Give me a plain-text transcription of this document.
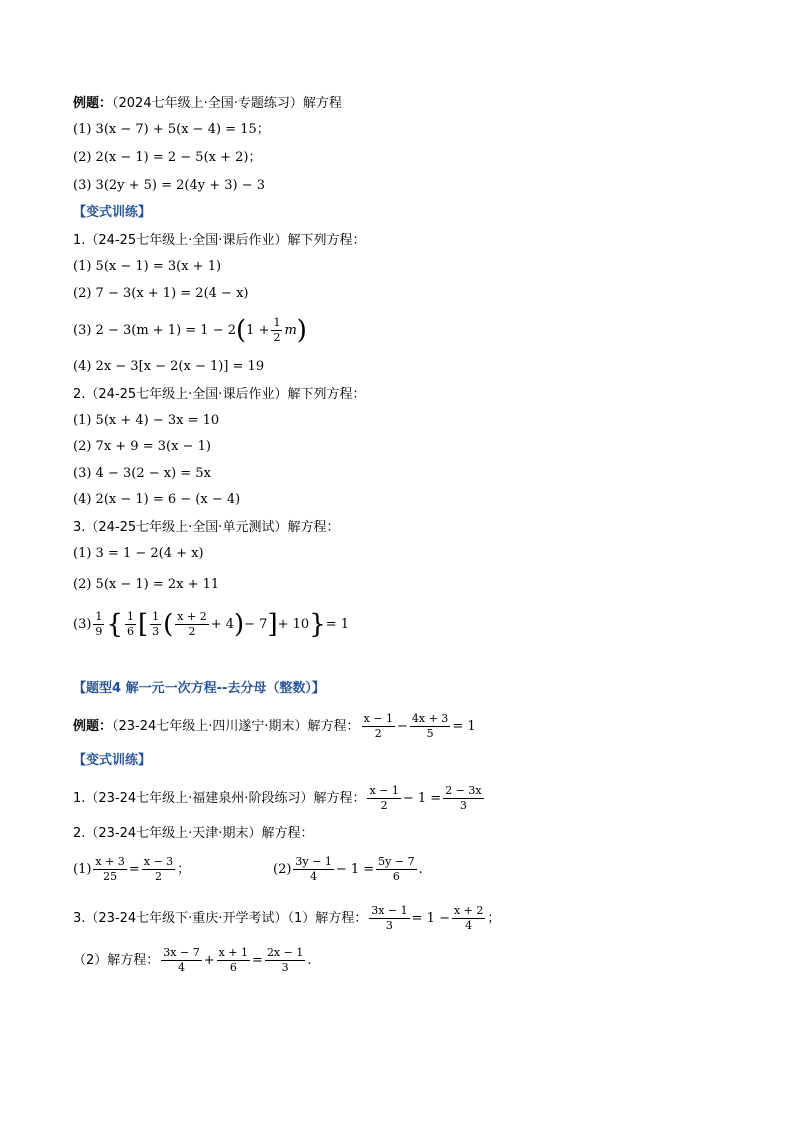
例题：（2024七年级上·全国·专题练习）解方程
(1) 3(x − 7) + 5(x − 4) = 15；
(2) 2(x − 1) = 2 − 5(x + 2)；
(3) 3(2y + 5) = 2(4y + 3) − 3
【变式训练】
1.（24-25七年级上·全国·课后作业）解下列方程：
(1) 5(x − 1) = 3(x + 1)
(2) 7 − 3(x + 1) = 2(4 − x)
(3) $2 - 3(m + 1) = 1 - 2(1 + \frac{1}{2} m)$
(4) 2x − 3[x − 2(x − 1)] = 19
2.（24-25七年级上·全国·课后作业）解下列方程：
(1) 5(x + 4) − 3x = 10
(2) 7x + 9 = 3(x − 1)
(3) 4 − 3(2 − x) = 5x
(4) 2(x − 1) = 6 − (x − 4)
3.（24-25七年级上·全国·单元测试）解方程：
(1) 3 = 1 − 2(4 + x)
(2) 5(x − 1) = 2x + 11
$(3) \frac{1}{9}$ { $\frac{1}{6}$ [ $\frac{1}{3}$ ( $\frac{x + 2}{2} + 4)- 7]+ 10\}= 1$
【题型4 解一元一次方程--去分母（整数）】
例题：（23-24七年级上·四川遂宁·期末）解方程： $\frac{x - 1}{2} - \frac{4x + 3}{5} = 1$
【变式训练】
1.（23-24七年级上·福建泉州·阶段练习）解方程： $\frac{x - 1}{2} - 1 = \frac{2 - 3x}{3}$
2.（23-24七年级上·天津·期末）解方程：
$(1) \frac{x + 3}{25} = \frac{x - 3}{2}$ ；	$(2) \frac{3y - 1}{4} - 1 = \frac{5y - 7}{6}$ .
3.（23-24七年级下·重庆·开学考试）（1）解方程： $\frac{3x - 1}{3} = 1 - \frac{x + 2}{4}$ ；
（2）解方程： $\frac{3x - 7}{4} + \frac{x + 1}{6} = \frac{2x - 1}{3}$ .
